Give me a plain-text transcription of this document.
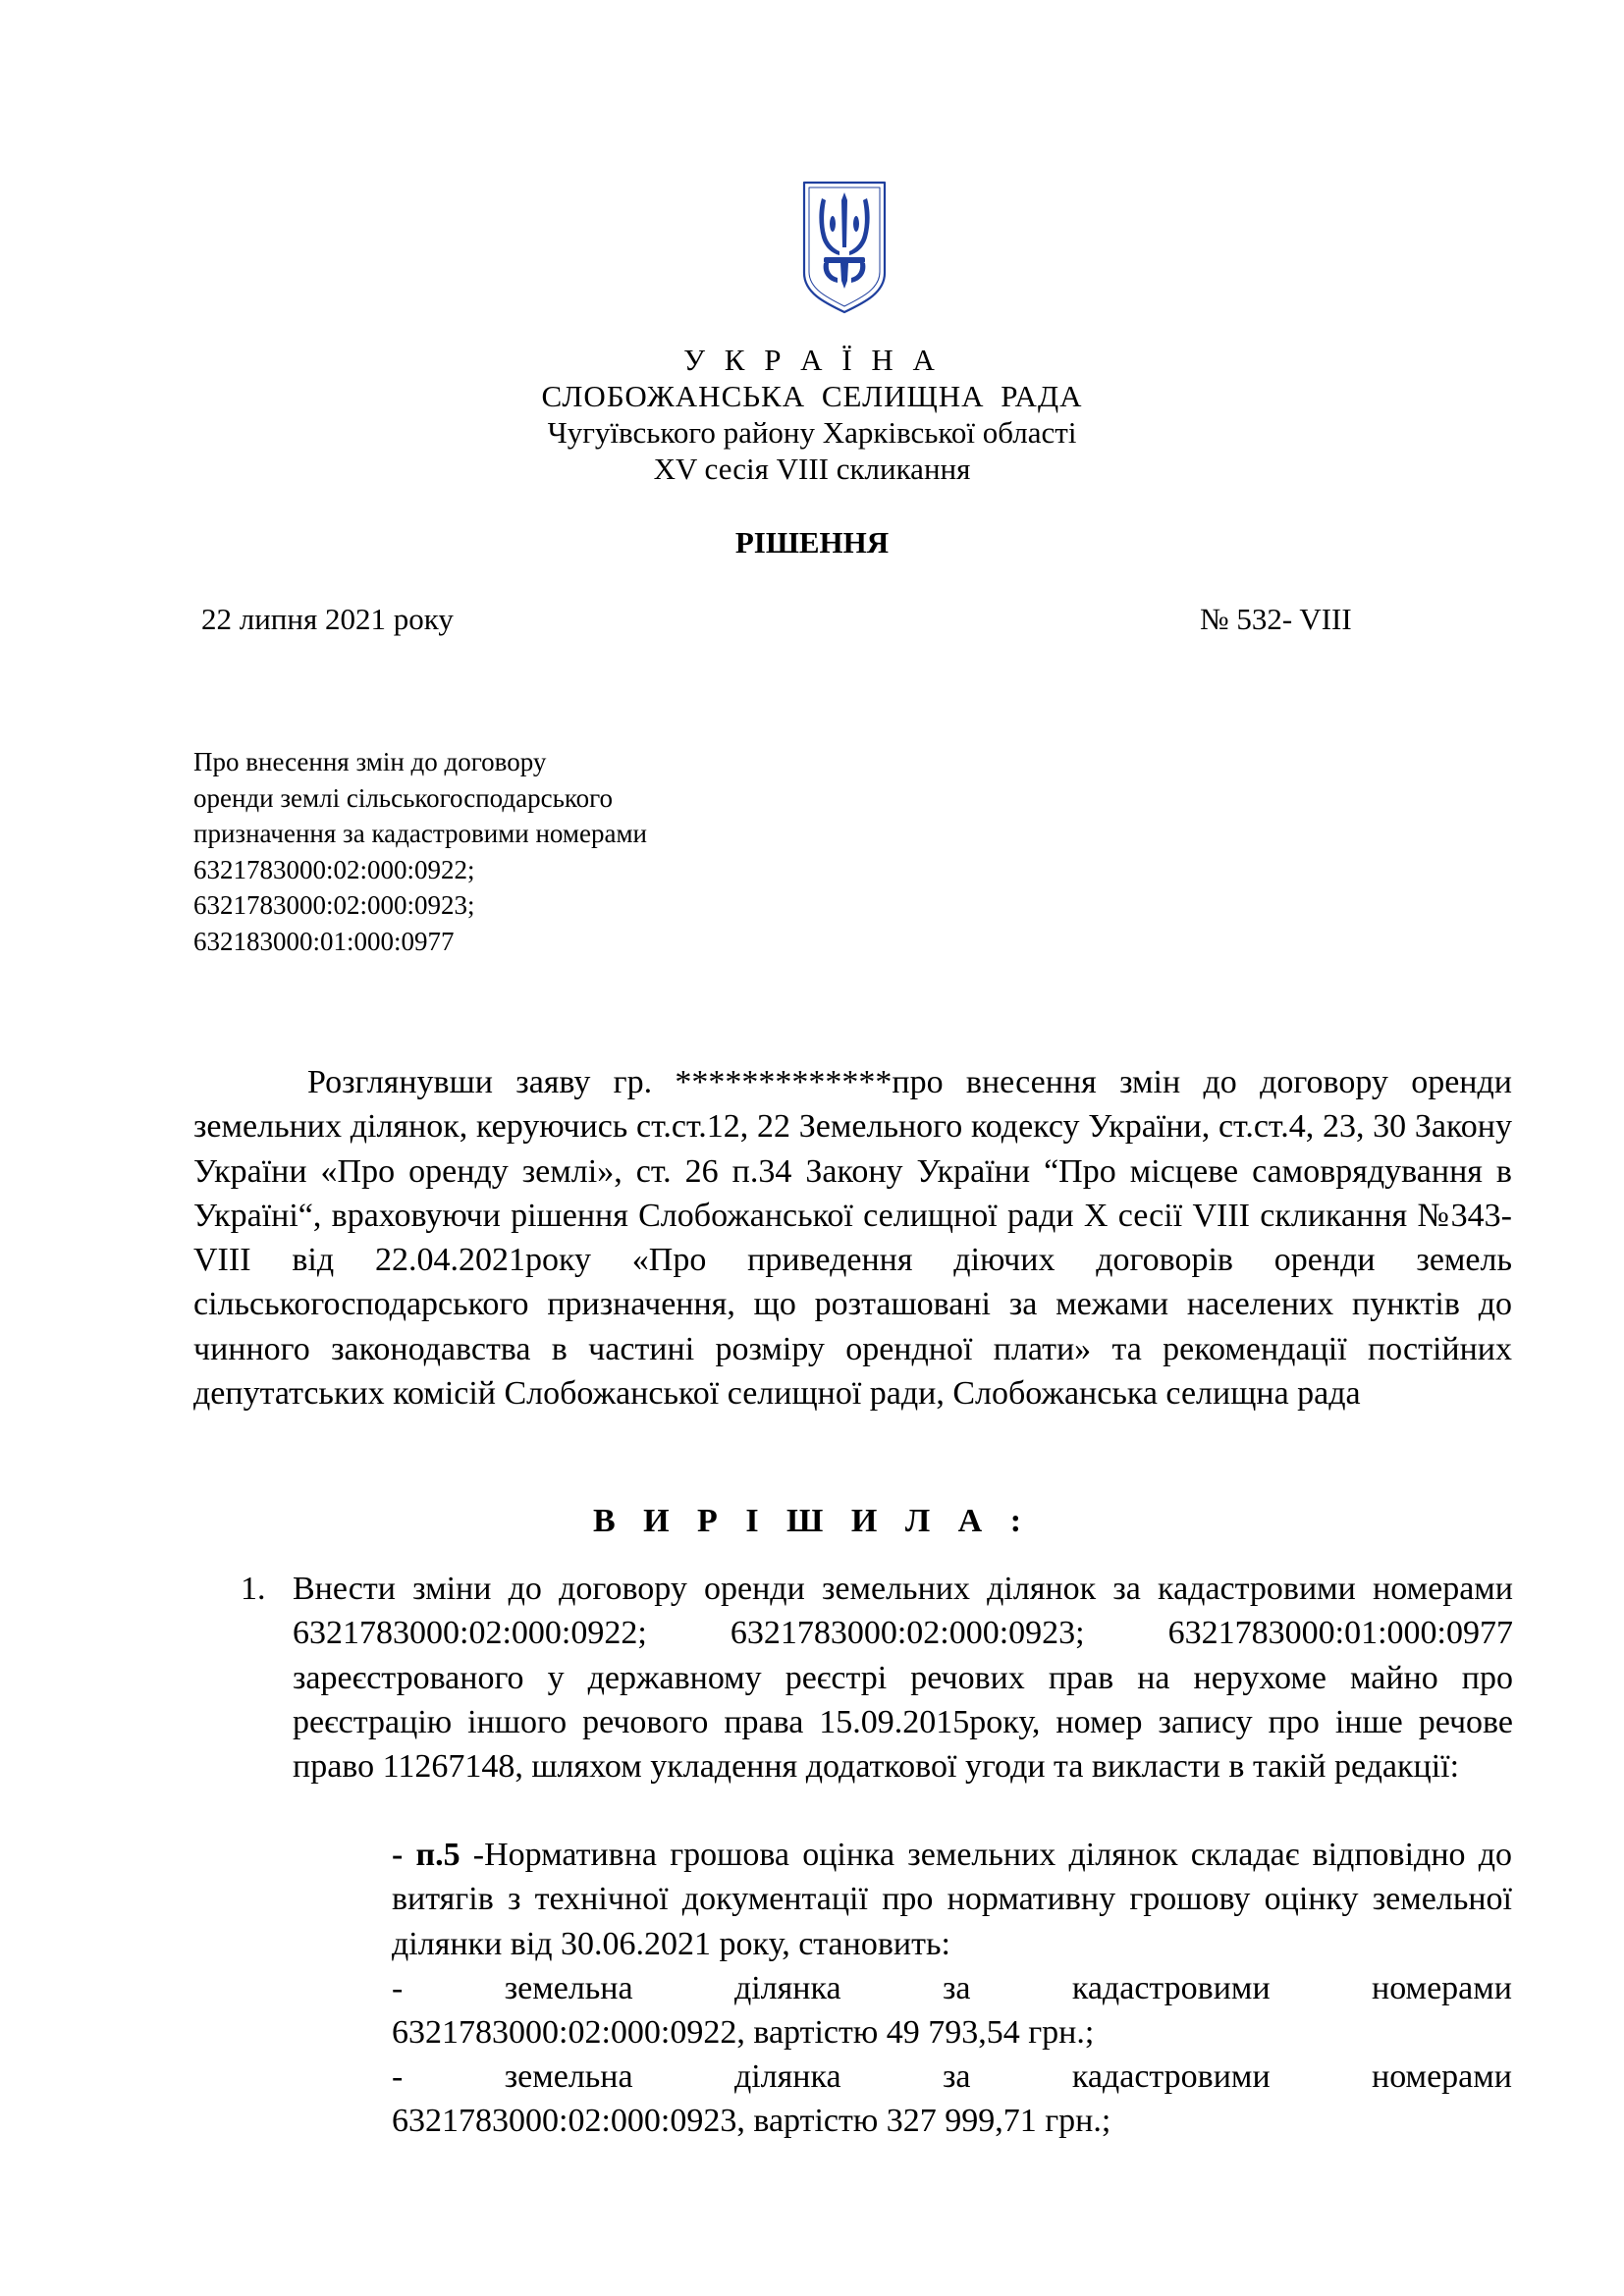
У К Р А Ї Н А
СЛОБОЖАНСЬКА СЕЛИЩНА РАДА
Чугуївського району Харківської області
XV сесія VIII скликання
РІШЕННЯ
22 липня 2021 року	№ 532- VIII
Про внесення змін до договору
оренди землі сільськогосподарського
призначення за кадастровими номерами
6321783000:02:000:0922;
6321783000:02:000:0923;
632183000:01:000:0977

Розглянувши заяву гр. *************про внесення змін до договору оренди земельних ділянок, керуючись ст.ст.12, 22 Земельного кодексу України, ст.ст.4, 23, 30 Закону України «Про оренду землі», ст. 26 п.34 Закону України “Про місцеве самоврядування в Україні“, враховуючи рішення Слобожанської селищної ради X сесії VIII скликання №343- VIII від 22.04.2021року «Про приведення діючих договорів оренди земель сільськогосподарського призначення, що розташовані за межами населених пунктів до чинного законодавства в частині розміру орендної плати» та рекомендації постійних депутатських комісій Слобожанської селищної ради, Слобожанська селищна рада

В И Р І Ш И Л А :
1. Внести зміни до договору оренди земельних ділянок за кадастровими номерами 6321783000:02:000:0922; 6321783000:02:000:0923; 6321783000:01:000:0977 зареєстрованого у державному реєстрі речових прав на нерухоме майно про реєстрацію іншого речового права 15.09.2015року, номер запису про інше речове право 11267148, шляхом укладення додаткової угоди та викласти в такій редакції:
- п.5 -Нормативна грошова оцінка земельних ділянок складає відповідно до витягів з технічної документації про нормативну грошову оцінку земельної ділянки від 30.06.2021 року, становить:
-	земельна	ділянка	за	кадастровими	номерами
6321783000:02:000:0922, вартістю 49 793,54 грн.;
-	земельна	ділянка	за	кадастровими	номерами
6321783000:02:000:0923, вартістю 327 999,71 грн.;
